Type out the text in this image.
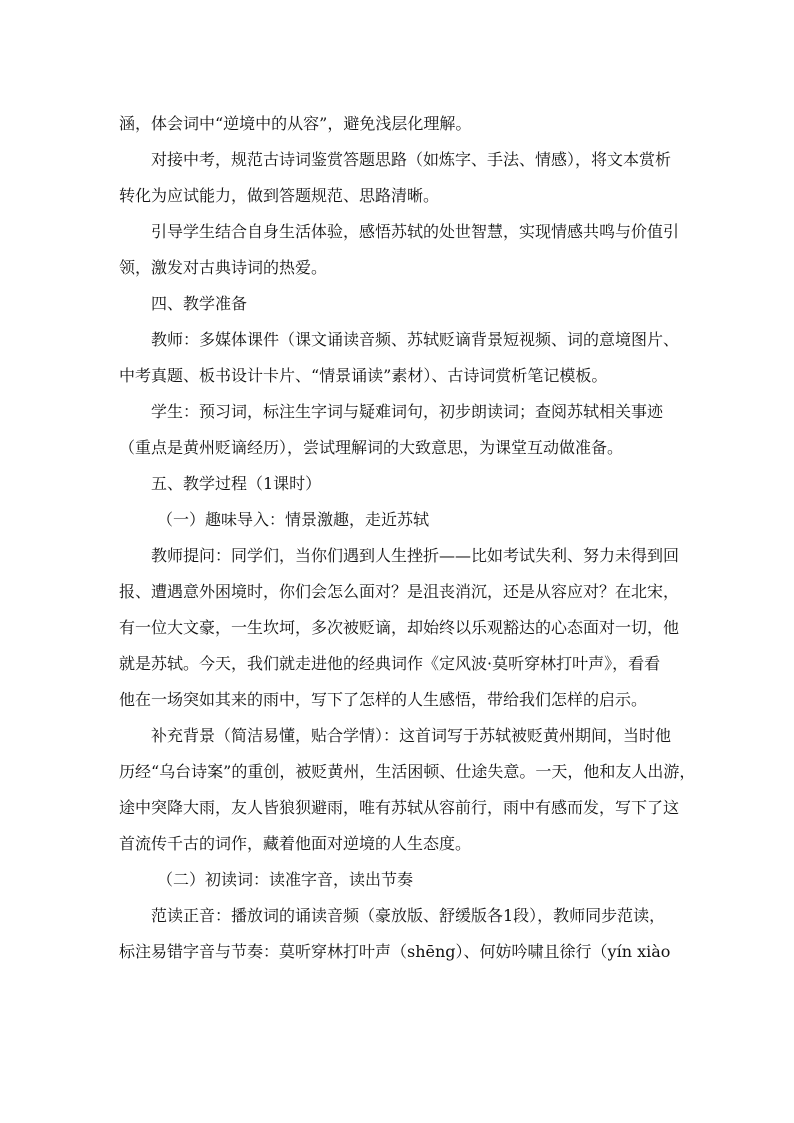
涵，体会词中“逆境中的从容”，避免浅层化理解。
对接中考，规范古诗词鉴赏答题思路（如炼字、手法、情感），将文本赏析
转化为应试能力，做到答题规范、思路清晰。
引导学生结合自身生活体验，感悟苏轼的处世智慧，实现情感共鸣与价值引
领，激发对古典诗词的热爱。
四、教学准备
教师：多媒体课件（课文诵读音频、苏轼贬谪背景短视频、词的意境图片、
中考真题、板书设计卡片、“情景诵读”素材）、古诗词赏析笔记模板。
学生：预习词，标注生字词与疑难词句，初步朗读词；查阅苏轼相关事迹
（重点是黄州贬谪经历），尝试理解词的大致意思，为课堂互动做准备。
五、教学过程（1课时）
（一）趣味导入：情景激趣，走近苏轼
教师提问：同学们，当你们遇到人生挫折——比如考试失利、努力未得到回
报、遭遇意外困境时，你们会怎么面对？是沮丧消沉，还是从容应对？在北宋，
有一位大文豪，一生坎坷，多次被贬谪，却始终以乐观豁达的心态面对一切，他
就是苏轼。今天，我们就走进他的经典词作《定风波·莫听穿林打叶声》，看看
他在一场突如其来的雨中，写下了怎样的人生感悟，带给我们怎样的启示。
补充背景（简洁易懂，贴合学情）：这首词写于苏轼被贬黄州期间，当时他
历经“乌台诗案”的重创，被贬黄州，生活困顿、仕途失意。一天，他和友人出游，
途中突降大雨，友人皆狼狈避雨，唯有苏轼从容前行，雨中有感而发，写下了这
首流传千古的词作，藏着他面对逆境的人生态度。
（二）初读词：读准字音，读出节奏
范读正音：播放词的诵读音频（豪放版、舒缓版各1段），教师同步范读，
标注易错字音与节奏：莫听穿林打叶声（shēng）、何妨吟啸且徐行（yín xiào
